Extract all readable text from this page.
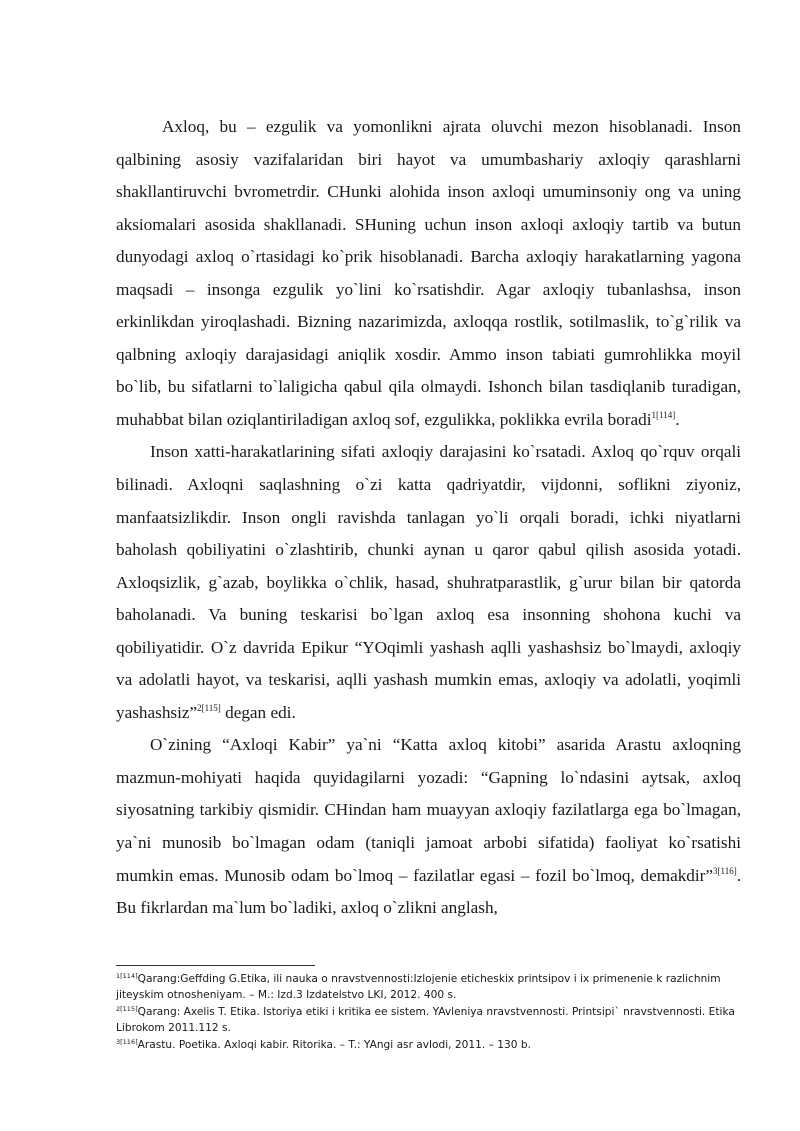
Axloq, bu – ezgulik va yomonlikni ajrata oluvchi mezon hisoblanadi. Inson qalbining asosiy vazifalaridan biri hayot va umumbashariy axloqiy qarashlarni shakllantiruvchi bvrometrdir. CHunki alohida inson axloqi umuminsoniy ong va uning aksiomalari asosida shakllanadi. SHuning uchun inson axloqi axloqiy tartib va butun dunyodagi axloq o`rtasidagi ko`prik hisoblanadi. Barcha axloqiy harakatlarning yagona maqsadi – insonga ezgulik yo`lini ko`rsatishdir. Agar axloqiy tubanlashsa, inson erkinlikdan yiroqlashadi. Bizning nazarimizda, axloqqa rostlik, sotilmaslik, to`g`rilik va qalbning axloqiy darajasidagi aniqlik xosdir. Ammo inson tabiati gumrohlikka moyil bo`lib, bu sifatlarni to`laligicha qabul qila olmaydi. Ishonch bilan tasdiqlanib turadigan, muhabbat bilan oziqlantiriladigan axloq sof, ezgulikka, poklikka evrila boradi$^{1[114]}$.

Inson xatti-harakatlarining sifati axloqiy darajasini ko`rsatadi. Axloq qo`rquv orqali bilinadi. Axloqni saqlashning o`zi katta qadriyatdir, vijdonni, soflikni ziyoniz, manfaatsizlikdir. Inson ongli ravishda tanlagan yo`li orqali boradi, ichki niyatlarni baholash qobiliyatini o`zlashtirib, chunki aynan u qaror qabul qilish asosida yotadi. Axloqsizlik, g`azab, boylikka o`chlik, hasad, shuhratparastlik, g`urur bilan bir qatorda baholanadi. Va buning teskarisi bo`lgan axloq esa insonning shohona kuchi va qobiliyatidir. O`z davrida Epikur “YOqimli yashash aqlli yashashsiz bo`lmaydi, axloqiy va adolatli hayot, va teskarisi, aqlli yashash mumkin emas, axloqiy va adolatli, yoqimli yashashsiz”$^{2[115]}$ degan edi.

O`zining “Axloqi Kabir” ya`ni “Katta axloq kitobi” asarida Arastu axloqning mazmun-mohiyati haqida quyidagilarni yozadi: “Gapning lo`ndasini aytsak, axloq siyosatning tarkibiy qismidir. CHindan ham muayyan axloqiy fazilatlarga ega bo`lmagan, ya`ni munosib bo`lmagan odam (taniqli jamoat arbobi sifatida) faoliyat ko`rsatishi mumkin emas. Munosib odam bo`lmoq – fazilatlar egasi – fozil bo`lmoq, demakdir”$^{3[116]}$. Bu fikrlardan ma`lum bo`ladiki, axloq o`zlikni anglash,

$^{1[114]}$Qarang:Geffding G.Etika, ili nauka o nravstvennosti:Izlojenie eticheskix printsipov i ix primenenie k razlichnim jiteyskim otnosheniyam. – M.: Izd.3 Izdatelstvo LKI, 2012. 400 s.

$^{2[115]}$Qarang: Axelis T. Etika. Istoriya etiki i kritika ee sistem. YAvleniya nravstvennosti. Printsipi` nravstvennosti. Etika Librokom 2011.112 s.

$^{3[116]}$Arastu. Poetika. Axloqi kabir. Ritorika. – T.: YAngi asr avlodi, 2011. – 130 b.
